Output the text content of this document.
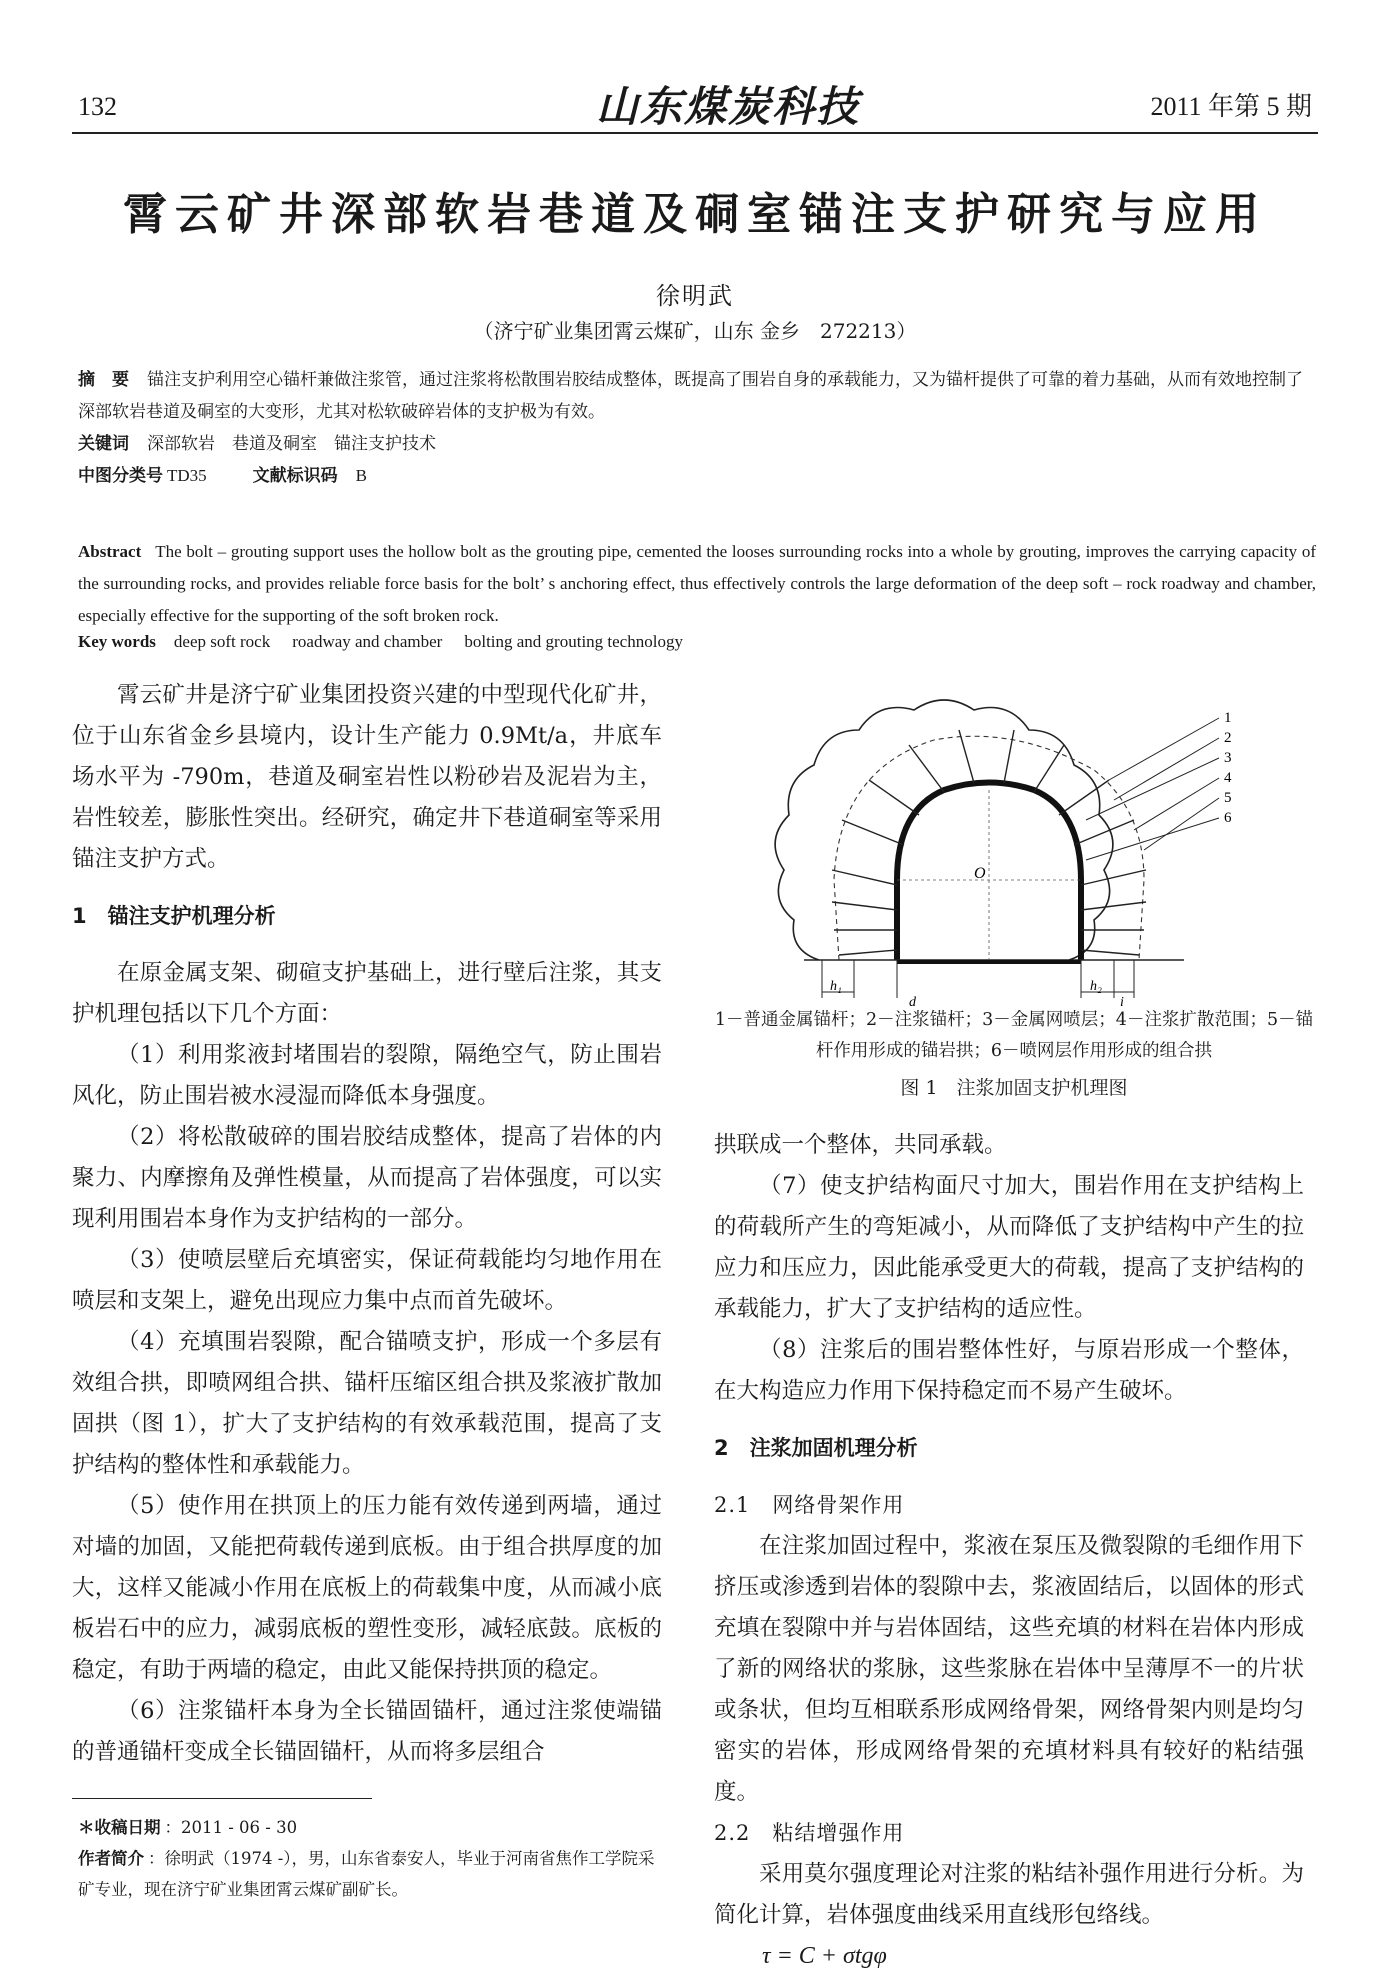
132	山东煤炭科技	2011 年第 5 期
霄云矿井深部软岩巷道及硐室锚注支护研究与应用
徐明武
（济宁矿业集团霄云煤矿，山东 金乡　272213）
摘　要 锚注支护利用空心锚杆兼做注浆管，通过注浆将松散围岩胶结成整体，既提高了围岩自身的承载能力，又为锚杆提供了可靠的着力基础，从而有效地控制了深部软岩巷道及硐室的大变形，尤其对松软破碎岩体的支护极为有效。
关键词 深部软岩　巷道及硐室　锚注支护技术
中图分类号 TD35	文献标识码 B
Abstract The bolt – grouting support uses the hollow bolt as the grouting pipe, cemented the looses surrounding rocks into a whole by grouting, improves the carrying capacity of the surrounding rocks, and provides reliable force basis for the bolt’ s anchoring effect, thus effectively controls the large deformation of the deep soft – rock roadway and chamber, especially effective for the supporting of the soft broken rock.
Key words deep soft rock roadway and chamber bolting and grouting technology

霄云矿井是济宁矿业集团投资兴建的中型现代化矿井，位于山东省金乡县境内，设计生产能力 0.9Mt/a，井底车场水平为 -790m，巷道及硐室岩性以粉砂岩及泥岩为主，岩性较差，膨胀性突出。经研究，确定井下巷道硐室等采用锚注支护方式。

1　锚注支护机理分析

在原金属支架、砌碹支护基础上，进行壁后注浆，其支护机理包括以下几个方面：

（1）利用浆液封堵围岩的裂隙，隔绝空气，防止围岩风化，防止围岩被水浸湿而降低本身强度。

（2）将松散破碎的围岩胶结成整体，提高了岩体的内聚力、内摩擦角及弹性模量，从而提高了岩体强度，可以实现利用围岩本身作为支护结构的一部分。

（3）使喷层壁后充填密实，保证荷载能均匀地作用在喷层和支架上，避免出现应力集中点而首先破坏。

（4）充填围岩裂隙，配合锚喷支护，形成一个多层有效组合拱，即喷网组合拱、锚杆压缩区组合拱及浆液扩散加固拱（图 1），扩大了支护结构的有效承载范围，提高了支护结构的整体性和承载能力。

（5）使作用在拱顶上的压力能有效传递到两墙，通过对墙的加固，又能把荷载传递到底板。由于组合拱厚度的加大，这样又能减小作用在底板上的荷载集中度，从而减小底板岩石中的应力，减弱底板的塑性变形，减轻底鼓。底板的稳定，有助于两墙的稳定，由此又能保持拱顶的稳定。

（6）注浆锚杆本身为全长锚固锚杆，通过注浆使端锚的普通锚杆变成全长锚固锚杆，从而将多层组合

O
1
2
3
4
5
6
h₁
d
h₂
i
1－普通金属锚杆；2－注浆锚杆；3－金属网喷层；4－注浆扩散范围；5－锚杆作用形成的锚岩拱；6－喷网层作用形成的组合拱
图 1　注浆加固支护机理图

拱联成一个整体，共同承载。

（7）使支护结构面尺寸加大，围岩作用在支护结构上的荷载所产生的弯矩减小，从而降低了支护结构中产生的拉应力和压应力，因此能承受更大的荷载，提高了支护结构的承载能力，扩大了支护结构的适应性。

（8）注浆后的围岩整体性好，与原岩形成一个整体，在大构造应力作用下保持稳定而不易产生破坏。

2　注浆加固机理分析

2.1　网络骨架作用

在注浆加固过程中，浆液在泵压及微裂隙的毛细作用下挤压或渗透到岩体的裂隙中去，浆液固结后，以固体的形式充填在裂隙中并与岩体固结，这些充填的材料在岩体内形成了新的网络状的浆脉，这些浆脉在岩体中呈薄厚不一的片状或条状，但均互相联系形成网络骨架，网络骨架内则是均匀密实的岩体，形成网络骨架的充填材料具有较好的粘结强度。

2.2　粘结增强作用

采用莫尔强度理论对注浆的粘结补强作用进行分析。为简化计算，岩体强度曲线采用直线形包络线。

τ = C + σtgφ

＊收稿日期 ：2011 - 06 - 30
作者简介 ：徐明武（1974 -），男，山东省泰安人，毕业于河南省焦作工学院采矿专业，现在济宁矿业集团霄云煤矿副矿长。
